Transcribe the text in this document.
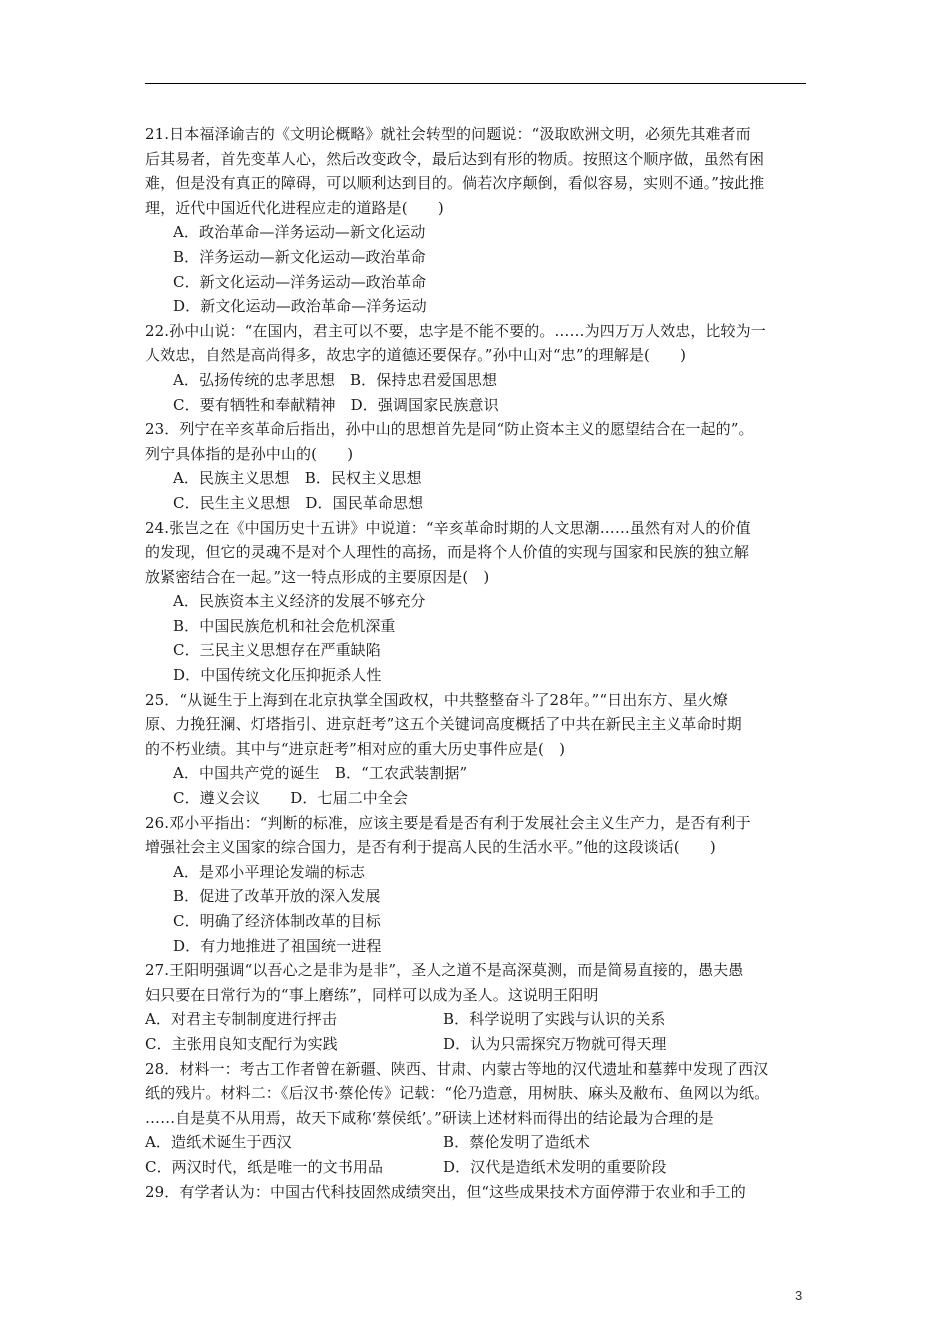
21.日本福泽谕吉的《文明论概略》就社会转型的问题说：“汲取欧洲文明，必须先其难者而
后其易者，首先变革人心，然后改变政令，最后达到有形的物质。按照这个顺序做，虽然有困
难，但是没有真正的障碍，可以顺利达到目的。倘若次序颠倒，看似容易，实则不通。”按此推
理，近代中国近代化进程应走的道路是(　　)
A．政治革命—洋务运动—新文化运动
B．洋务运动—新文化运动—政治革命
C．新文化运动—洋务运动—政治革命
D．新文化运动—政治革命—洋务运动
22.孙中山说：“在国内，君主可以不要，忠字是不能不要的。……为四万万人效忠，比较为一
人效忠，自然是高尚得多，故忠字的道德还要保存。”孙中山对“忠”的理解是(　　)
A．弘扬传统的忠孝思想　B．保持忠君爱国思想
C．要有牺牲和奉献精神　D．强调国家民族意识
23．列宁在辛亥革命后指出，孙中山的思想首先是同“防止资本主义的愿望结合在一起的”。
列宁具体指的是孙中山的(　　)
A．民族主义思想　B．民权主义思想
C．民生主义思想　D．国民革命思想
24.张岂之在《中国历史十五讲》中说道：“辛亥革命时期的人文思潮……虽然有对人的价值
的发现，但它的灵魂不是对个人理性的高扬，而是将个人价值的实现与国家和民族的独立解
放紧密结合在一起。”这一特点形成的主要原因是(　)
A．民族资本主义经济的发展不够充分
B．中国民族危机和社会危机深重
C．三民主义思想存在严重缺陷
D．中国传统文化压抑扼杀人性
25．“从诞生于上海到在北京执掌全国政权，中共整整奋斗了28年。”“日出东方、星火燎
原、力挽狂澜、灯塔指引、进京赶考”这五个关键词高度概括了中共在新民主主义革命时期
的不朽业绩。其中与“进京赶考”相对应的重大历史事件应是(　)
A．中国共产党的诞生　B．“工农武装割据”
C．遵义会议　　D．七届二中全会
26.邓小平指出：“判断的标准，应该主要是看是否有利于发展社会主义生产力，是否有利于
增强社会主义国家的综合国力，是否有利于提高人民的生活水平。”他的这段谈话(　　)
A．是邓小平理论发端的标志
B．促进了改革开放的深入发展
C．明确了经济体制改革的目标
D．有力地推进了祖国统一进程
27.王阳明强调“以吾心之是非为是非”，圣人之道不是高深莫测，而是简易直接的，愚夫愚
妇只要在日常行为的“事上磨练”，同样可以成为圣人。这说明王阳明
A．对君主专制制度进行抨击	B．科学说明了实践与认识的关系
C．主张用良知支配行为实践	D．认为只需探究万物就可得天理
28．材料一：考古工作者曾在新疆、陕西、甘肃、内蒙古等地的汉代遗址和墓葬中发现了西汉
纸的残片。材料二：《后汉书·蔡伦传》记载：“伦乃造意，用树肤、麻头及敝布、鱼网以为纸。
……自是莫不从用焉，故天下咸称‘蔡侯纸’。”研读上述材料而得出的结论最为合理的是
A．造纸术诞生于西汉	B．蔡伦发明了造纸术
C．两汉时代，纸是唯一的文书用品	D．汉代是造纸术发明的重要阶段
29．有学者认为：中国古代科技固然成绩突出，但“这些成果技术方面停滞于农业和手工的
3
